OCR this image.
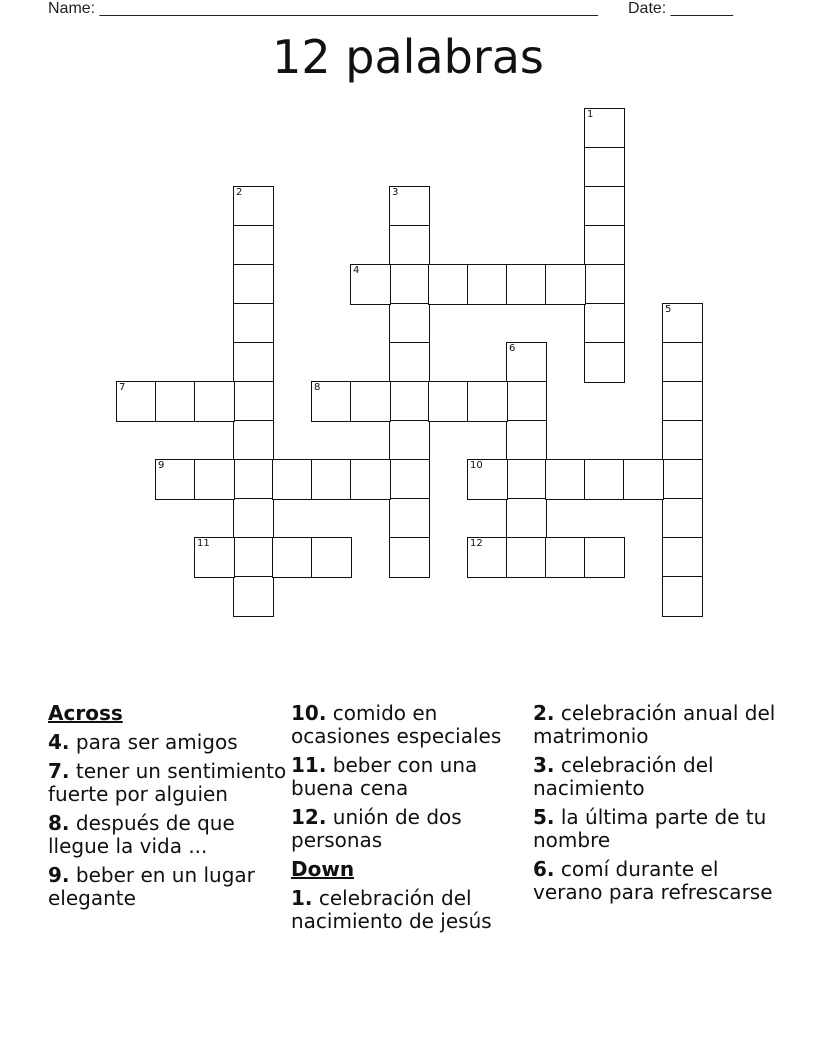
Name: ________________________________________________________ Date: _______
12 palabras
1
2	3
4
5
6
7	8
9	10
11	12
Across
4. para ser amigos
7. tener un sentimiento fuerte por alguien
8. después de que llegue la vida ...
9. beber en un lugar elegante
10. comido en ocasiones especiales
11. beber con una buena cena
12. unión de dos personas
Down
1. celebración del nacimiento de jesús
2. celebración anual del matrimonio
3. celebración del nacimiento
5. la última parte de tu nombre
6. comí durante el verano para refrescarse
